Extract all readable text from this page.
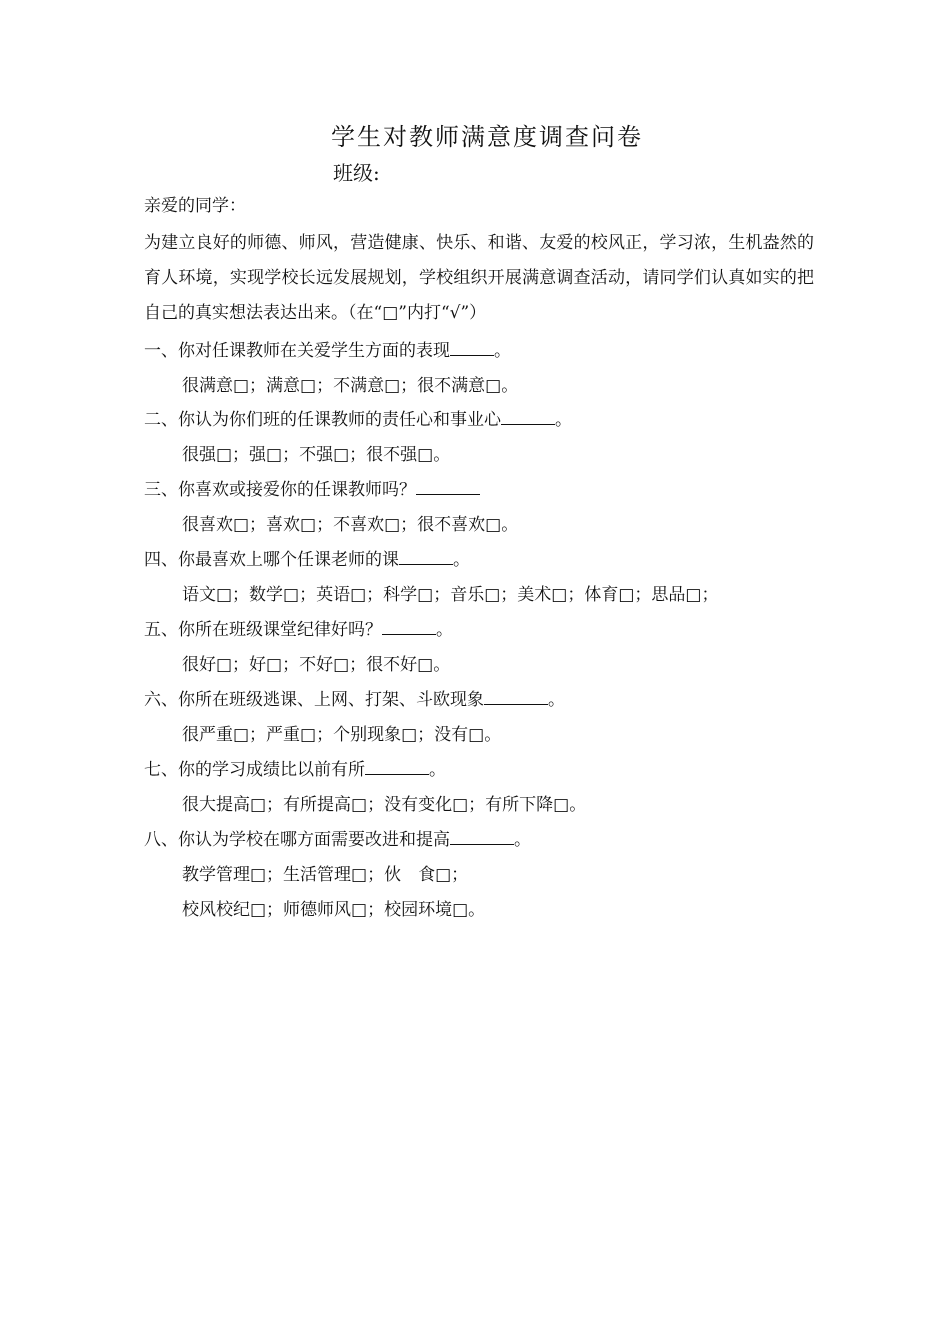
学生对教师满意度调查问卷
班级:
亲爱的同学：
为建立良好的师德、师风，营造健康、快乐、和谐、友爱的校风正，学习浓，生机盎然的育人环境，实现学校长远发展规划，学校组织开展满意调查活动，请同学们认真如实的把自己的真实想法表达出来。（在“□”内打“√”）
一、你对任课教师在关爱学生方面的表现	。
很满意□；满意□；不满意□；很不满意□。
二、你认为你们班的任课教师的责任心和事业心	。
很强□；强□；不强□；很不强□。
三、你喜欢或接爱你的任课教师吗？
很喜欢□；喜欢□；不喜欢□；很不喜欢□。
四、你最喜欢上哪个任课老师的课	。
语文□；数学□；英语□；科学□；音乐□；美术□；体育□；思品□；
五、你所在班级课堂纪律好吗？	。
很好□；好□；不好□；很不好□。
六、你所在班级逃课、上网、打架、斗欧现象	。
很严重□；严重□；个别现象□；没有□。
七、你的学习成绩比以前有所	。
很大提高□；有所提高□；没有变化□；有所下降□。
八、你认为学校在哪方面需要改进和提高	。
教学管理□；生活管理□；伙　食□；
校风校纪□；师德师风□；校园环境□。
